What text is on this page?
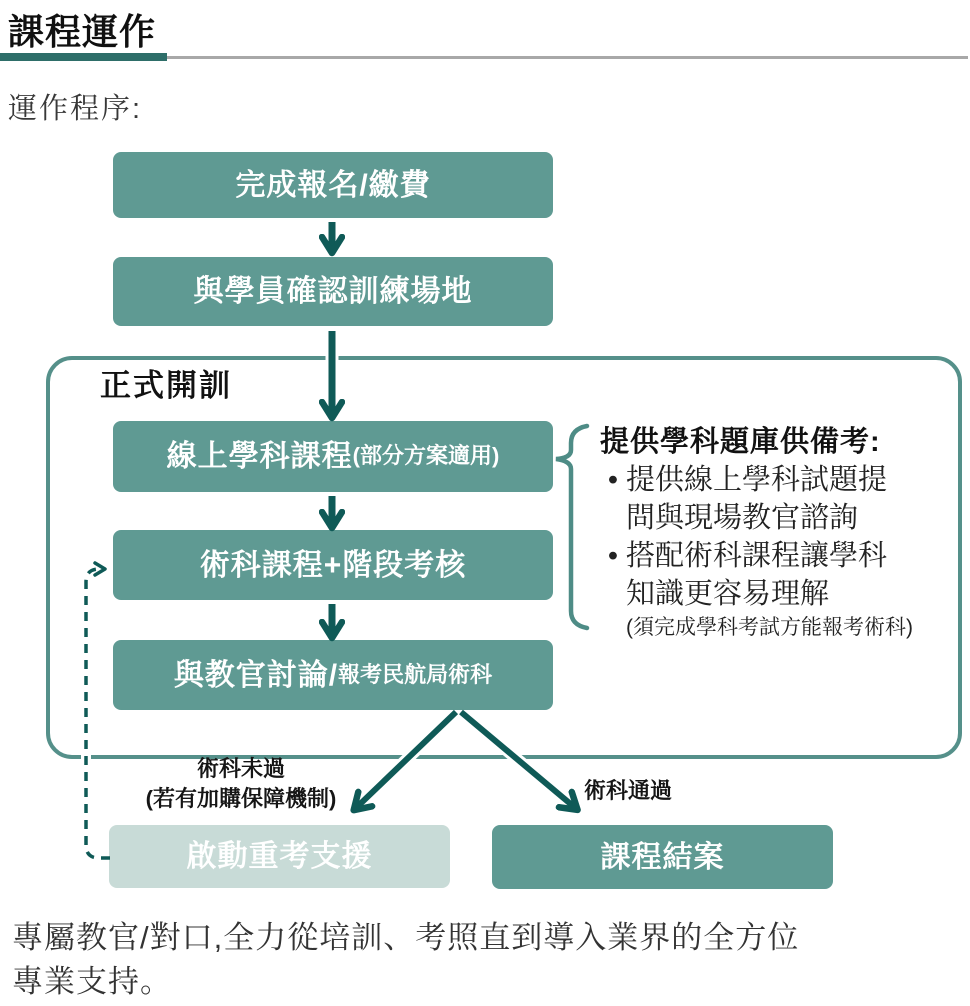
課程運作
運作程序:
正式開訓
完成報名/繳費
與學員確認訓練場地
線上學科課程 (部分方案適用)
術科課程+階段考核
與教官討論/ 報考民航局術科
啟動重考支援	課程結案
術科未過
(若有加購保障機制)	術科通過
提供學科題庫供備考:
• 提供線上學科試題提
問與現場教官諮詢
• 搭配術科課程讓學科
知識更容易理解
(須完成學科考試方能報考術科)
專屬教官/對口,全力從培訓、考照直到導入業界的全方位
專業支持。
